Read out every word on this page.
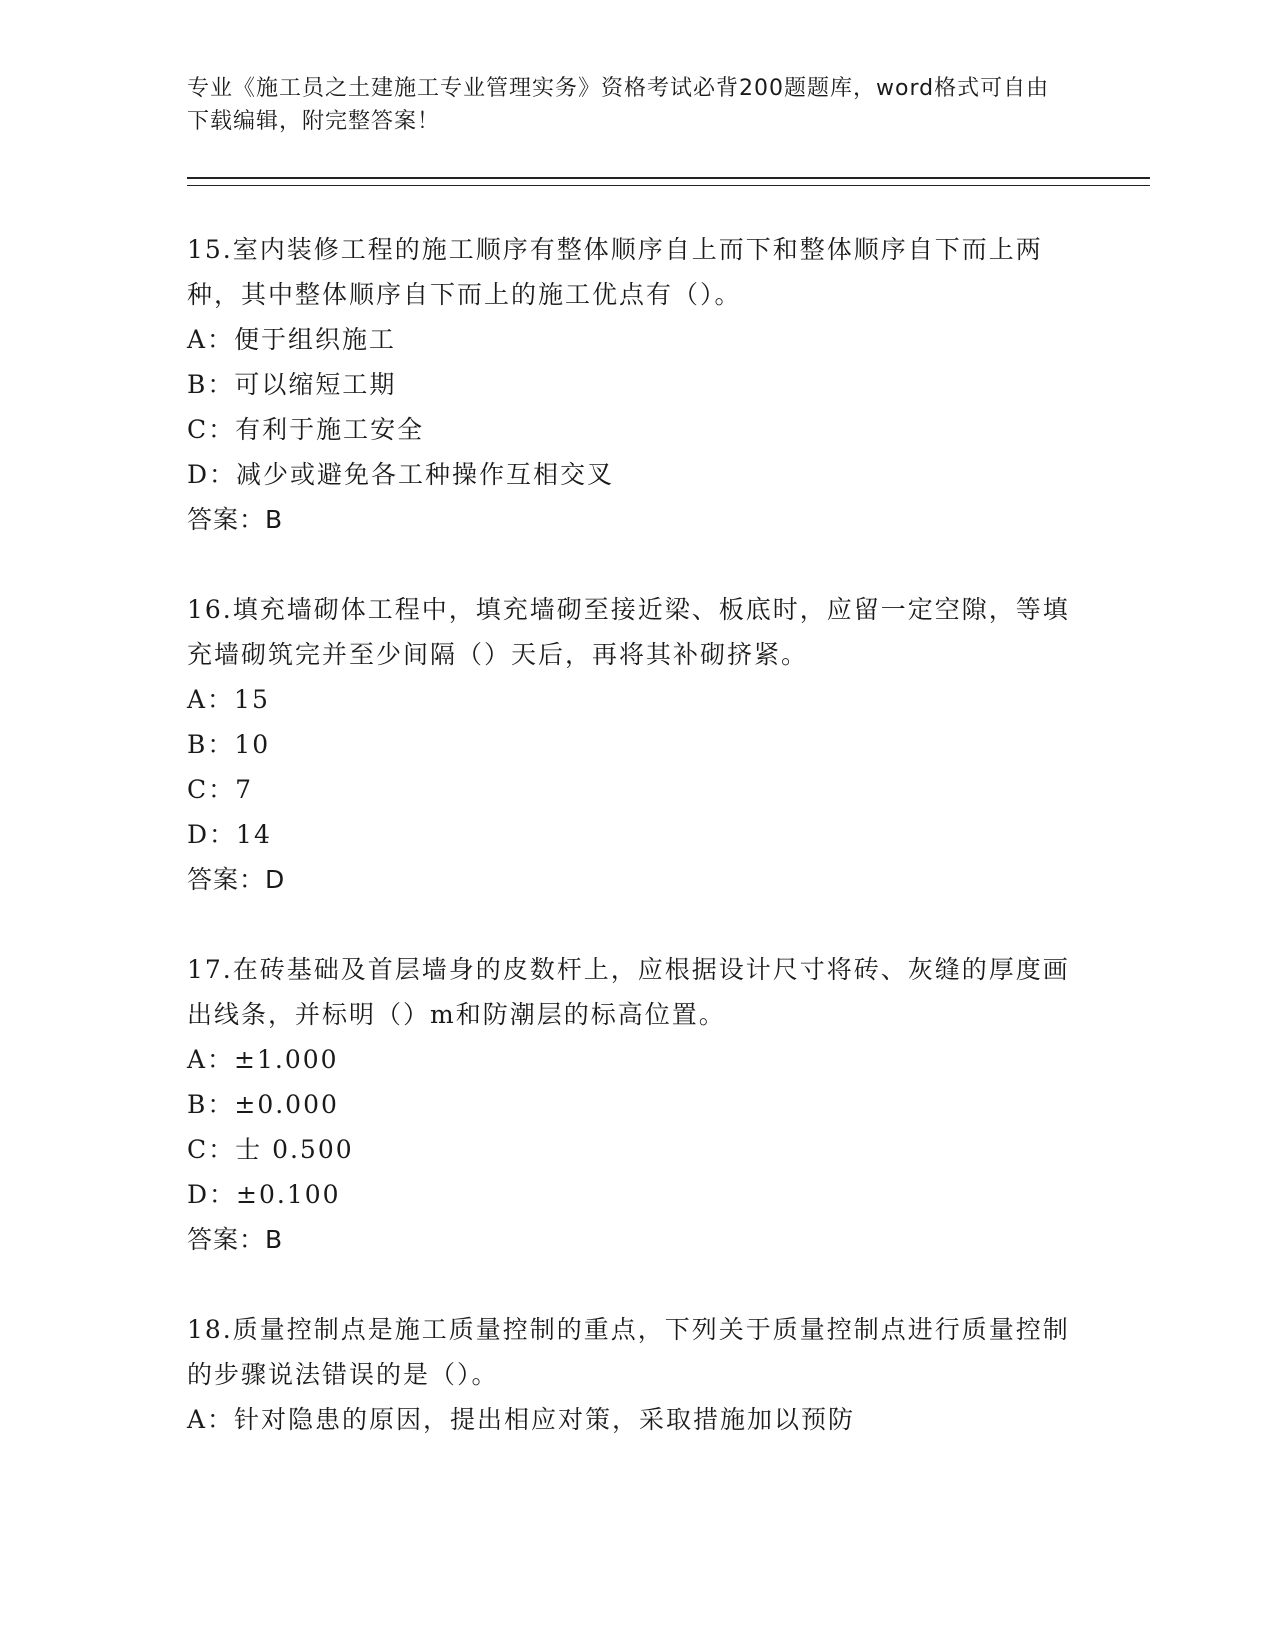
专业《施工员之土建施工专业管理实务》资格考试必背200题题库，word格式可自由下载编辑，附完整答案！
15.室内装修工程的施工顺序有整体顺序自上而下和整体顺序自下而上两种，其中整体顺序自下而上的施工优点有（）。
A：便于组织施工
B：可以缩短工期
C：有利于施工安全
D：减少或避免各工种操作互相交叉
答案：B
16.填充墙砌体工程中，填充墙砌至接近梁、板底时，应留一定空隙，等填充墙砌筑完并至少间隔（）天后，再将其补砌挤紧。
A：15
B：10
C：7
D：14
答案：D
17.在砖基础及首层墙身的皮数杆上，应根据设计尺寸将砖、灰缝的厚度画出线条，并标明（）m和防潮层的标高位置。
A：±1.000
B：±0.000
C：士 0.500
D：±0.100
答案：B
18.质量控制点是施工质量控制的重点，下列关于质量控制点进行质量控制的步骤说法错误的是（）。
A：针对隐患的原因，提出相应对策，采取措施加以预防
